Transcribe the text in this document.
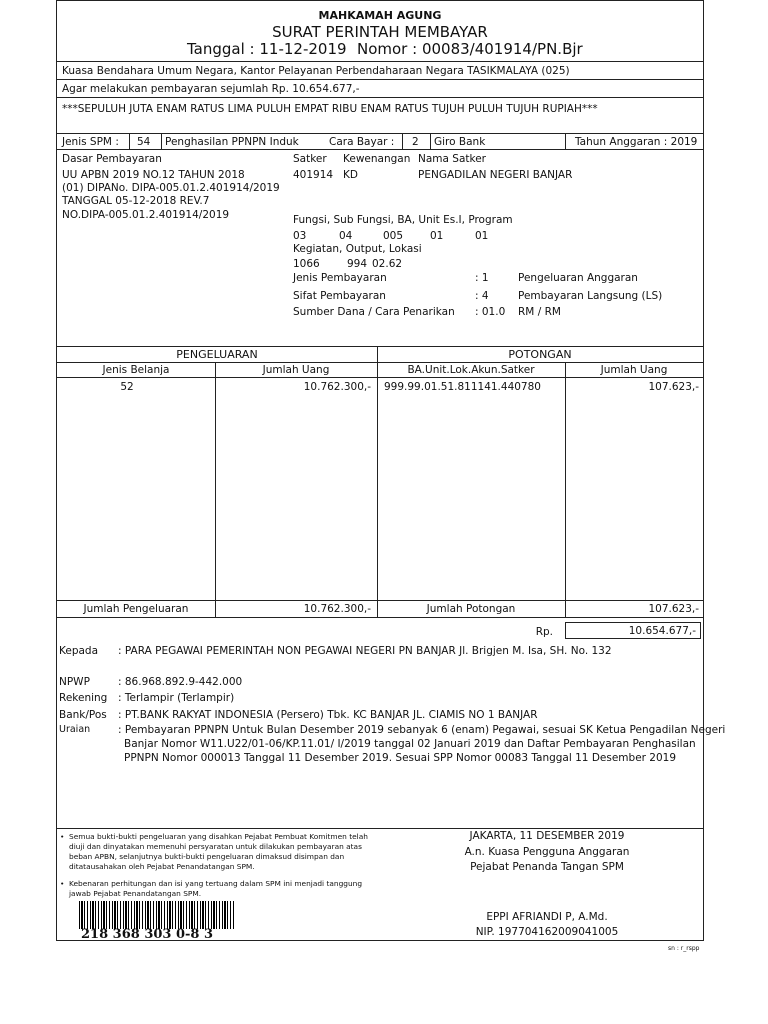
MAHKAMAH AGUNG
SURAT PERINTAH MEMBAYAR
Tanggal : 11-12-2019 Nomor : 00083/401914/PN.Bjr
Kuasa Bendahara Umum Negara, Kantor Pelayanan Perbendaharaan Negara TASIKMALAYA (025)
Agar melakukan pembayaran sejumlah Rp. 10.654.677,-
***SEPULUH JUTA ENAM RATUS LIMA PULUH EMPAT RIBU ENAM RATUS TUJUH PULUH TUJUH RUPIAH***
Jenis SPM : 54 Penghasilan PPNPN Induk	Cara Bayar : 2 Giro Bank	Tahun Anggaran : 2019
Dasar Pembayaran
UU APBN 2019 NO.12 TAHUN 2018
(01) DIPANo. DIPA-005.01.2.401914/2019
TANGGAL 05-12-2018 REV.7
NO.DIPA-005.01.2.401914/2019
Satker Kewenangan Nama Satker
401914 KD	PENGADILAN NEGERI BANJAR
Fungsi, Sub Fungsi, BA, Unit Es.I, Program
03	04	005	01	01
Kegiatan, Output, Lokasi
1066	994 02.62
Jenis Pembayaran	: 1	Pengeluaran Anggaran
Sifat Pembayaran	: 4	Pembayaran Langsung (LS)
Sumber Dana / Cara Penarikan : 01.0 RM / RM
PENGELUARAN	POTONGAN
Jenis Belanja	Jumlah Uang	BA.Unit.Lok.Akun.Satker	Jumlah Uang
52	10.762.300,- 999.99.01.51.811141.440780	107.623,-
Jumlah Pengeluaran	10.762.300,-	Jumlah Potongan	107.623,-
Rp.	10.654.677,-
Kepada : PARA PEGAWAI PEMERINTAH NON PEGAWAI NEGERI PN BANJAR Jl. Brigjen M. Isa, SH. No. 132
NPWP	: 86.968.892.9-442.000
Rekening : Terlampir (Terlampir)
Bank/Pos : PT.BANK RAKYAT INDONESIA (Persero) Tbk. KC BANJAR JL. CIAMIS NO 1 BANJAR
Uraian	: Pembayaran PPNPN Untuk Bulan Desember 2019 sebanyak 6 (enam) Pegawai, sesuai SK Ketua Pengadilan Negeri
Banjar Nomor W11.U22/01-06/KP.11.01/ I/2019 tanggal 02 Januari 2019 dan Daftar Pembayaran Penghasilan
PPNPN Nomor 000013 Tanggal 11 Desember 2019. Sesuai SPP Nomor 00083 Tanggal 11 Desember 2019
• Semua bukti-bukti pengeluaran yang disahkan Pejabat Pembuat Komitmen telah
diuji dan dinyatakan memenuhi persyaratan untuk dilakukan pembayaran atas
beban APBN, selanjutnya bukti-bukti pengeluaran dimaksud disimpan dan
ditatausahakan oleh Pejabat Penandatangan SPM.
• Kebenaran perhitungan dan isi yang tertuang dalam SPM ini menjadi tanggung
jawab Pejabat Penandatangan SPM.
218 368 303 0-8 3
JAKARTA, 11 DESEMBER 2019
A.n. Kuasa Pengguna Anggaran
Pejabat Penanda Tangan SPM
EPPI AFRIANDI P, A.Md.
NIP. 197704162009041005
sn : r_rspp
